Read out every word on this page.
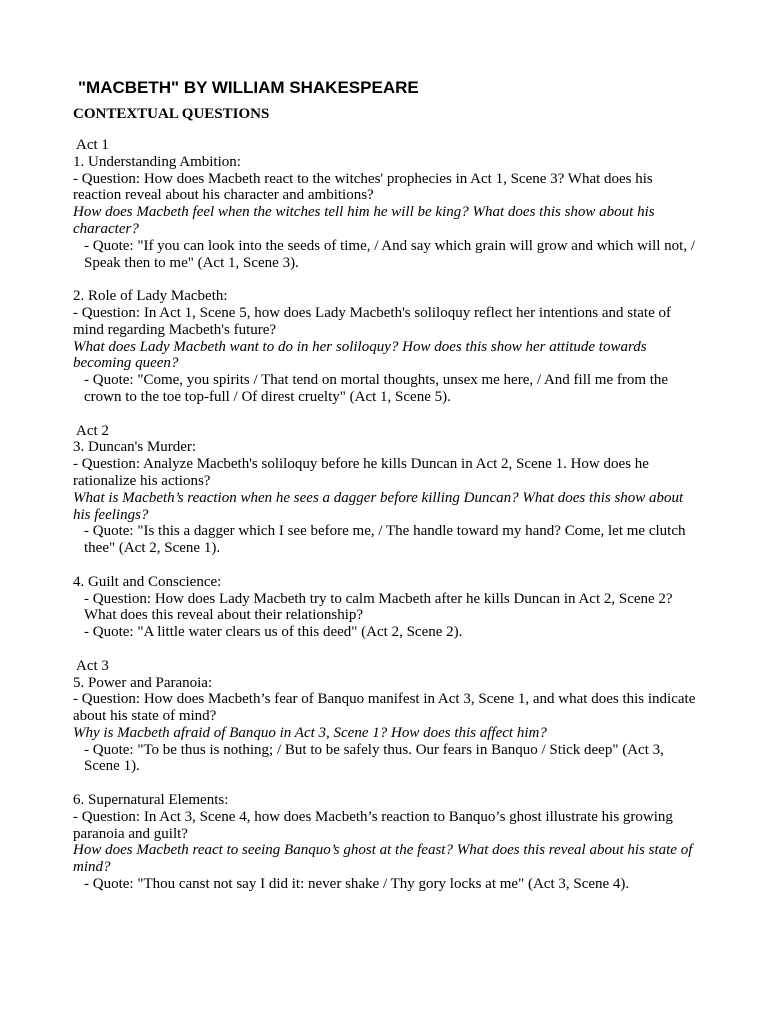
"MACBETH" BY WILLIAM SHAKESPEARE
CONTEXTUAL QUESTIONS
Act 1
1. Understanding Ambition:
- Question: How does Macbeth react to the witches' prophecies in Act 1, Scene 3? What does his reaction reveal about his character and ambitions?
How does Macbeth feel when the witches tell him he will be king? What does this show about his character?
- Quote: "If you can look into the seeds of time, / And say which grain will grow and which will not, / Speak then to me" (Act 1, Scene 3).
2. Role of Lady Macbeth:
- Question: In Act 1, Scene 5, how does Lady Macbeth's soliloquy reflect her intentions and state of mind regarding Macbeth's future?
What does Lady Macbeth want to do in her soliloquy? How does this show her attitude towards becoming queen?
- Quote: "Come, you spirits / That tend on mortal thoughts, unsex me here, / And fill me from the crown to the toe top-full / Of direst cruelty" (Act 1, Scene 5).
Act 2
3. Duncan's Murder:
- Question: Analyze Macbeth's soliloquy before he kills Duncan in Act 2, Scene 1. How does he rationalize his actions?
What is Macbeth’s reaction when he sees a dagger before killing Duncan? What does this show about his feelings?
- Quote: "Is this a dagger which I see before me, / The handle toward my hand? Come, let me clutch thee" (Act 2, Scene 1).
4. Guilt and Conscience:
- Question: How does Lady Macbeth try to calm Macbeth after he kills Duncan in Act 2, Scene 2? What does this reveal about their relationship?
- Quote: "A little water clears us of this deed" (Act 2, Scene 2).
Act 3
5. Power and Paranoia:
- Question: How does Macbeth’s fear of Banquo manifest in Act 3, Scene 1, and what does this indicate about his state of mind?
Why is Macbeth afraid of Banquo in Act 3, Scene 1? How does this affect him?
- Quote: "To be thus is nothing; / But to be safely thus. Our fears in Banquo / Stick deep" (Act 3, Scene 1).
6. Supernatural Elements:
- Question: In Act 3, Scene 4, how does Macbeth’s reaction to Banquo’s ghost illustrate his growing paranoia and guilt?
How does Macbeth react to seeing Banquo’s ghost at the feast? What does this reveal about his state of mind?
- Quote: "Thou canst not say I did it: never shake / Thy gory locks at me" (Act 3, Scene 4).
